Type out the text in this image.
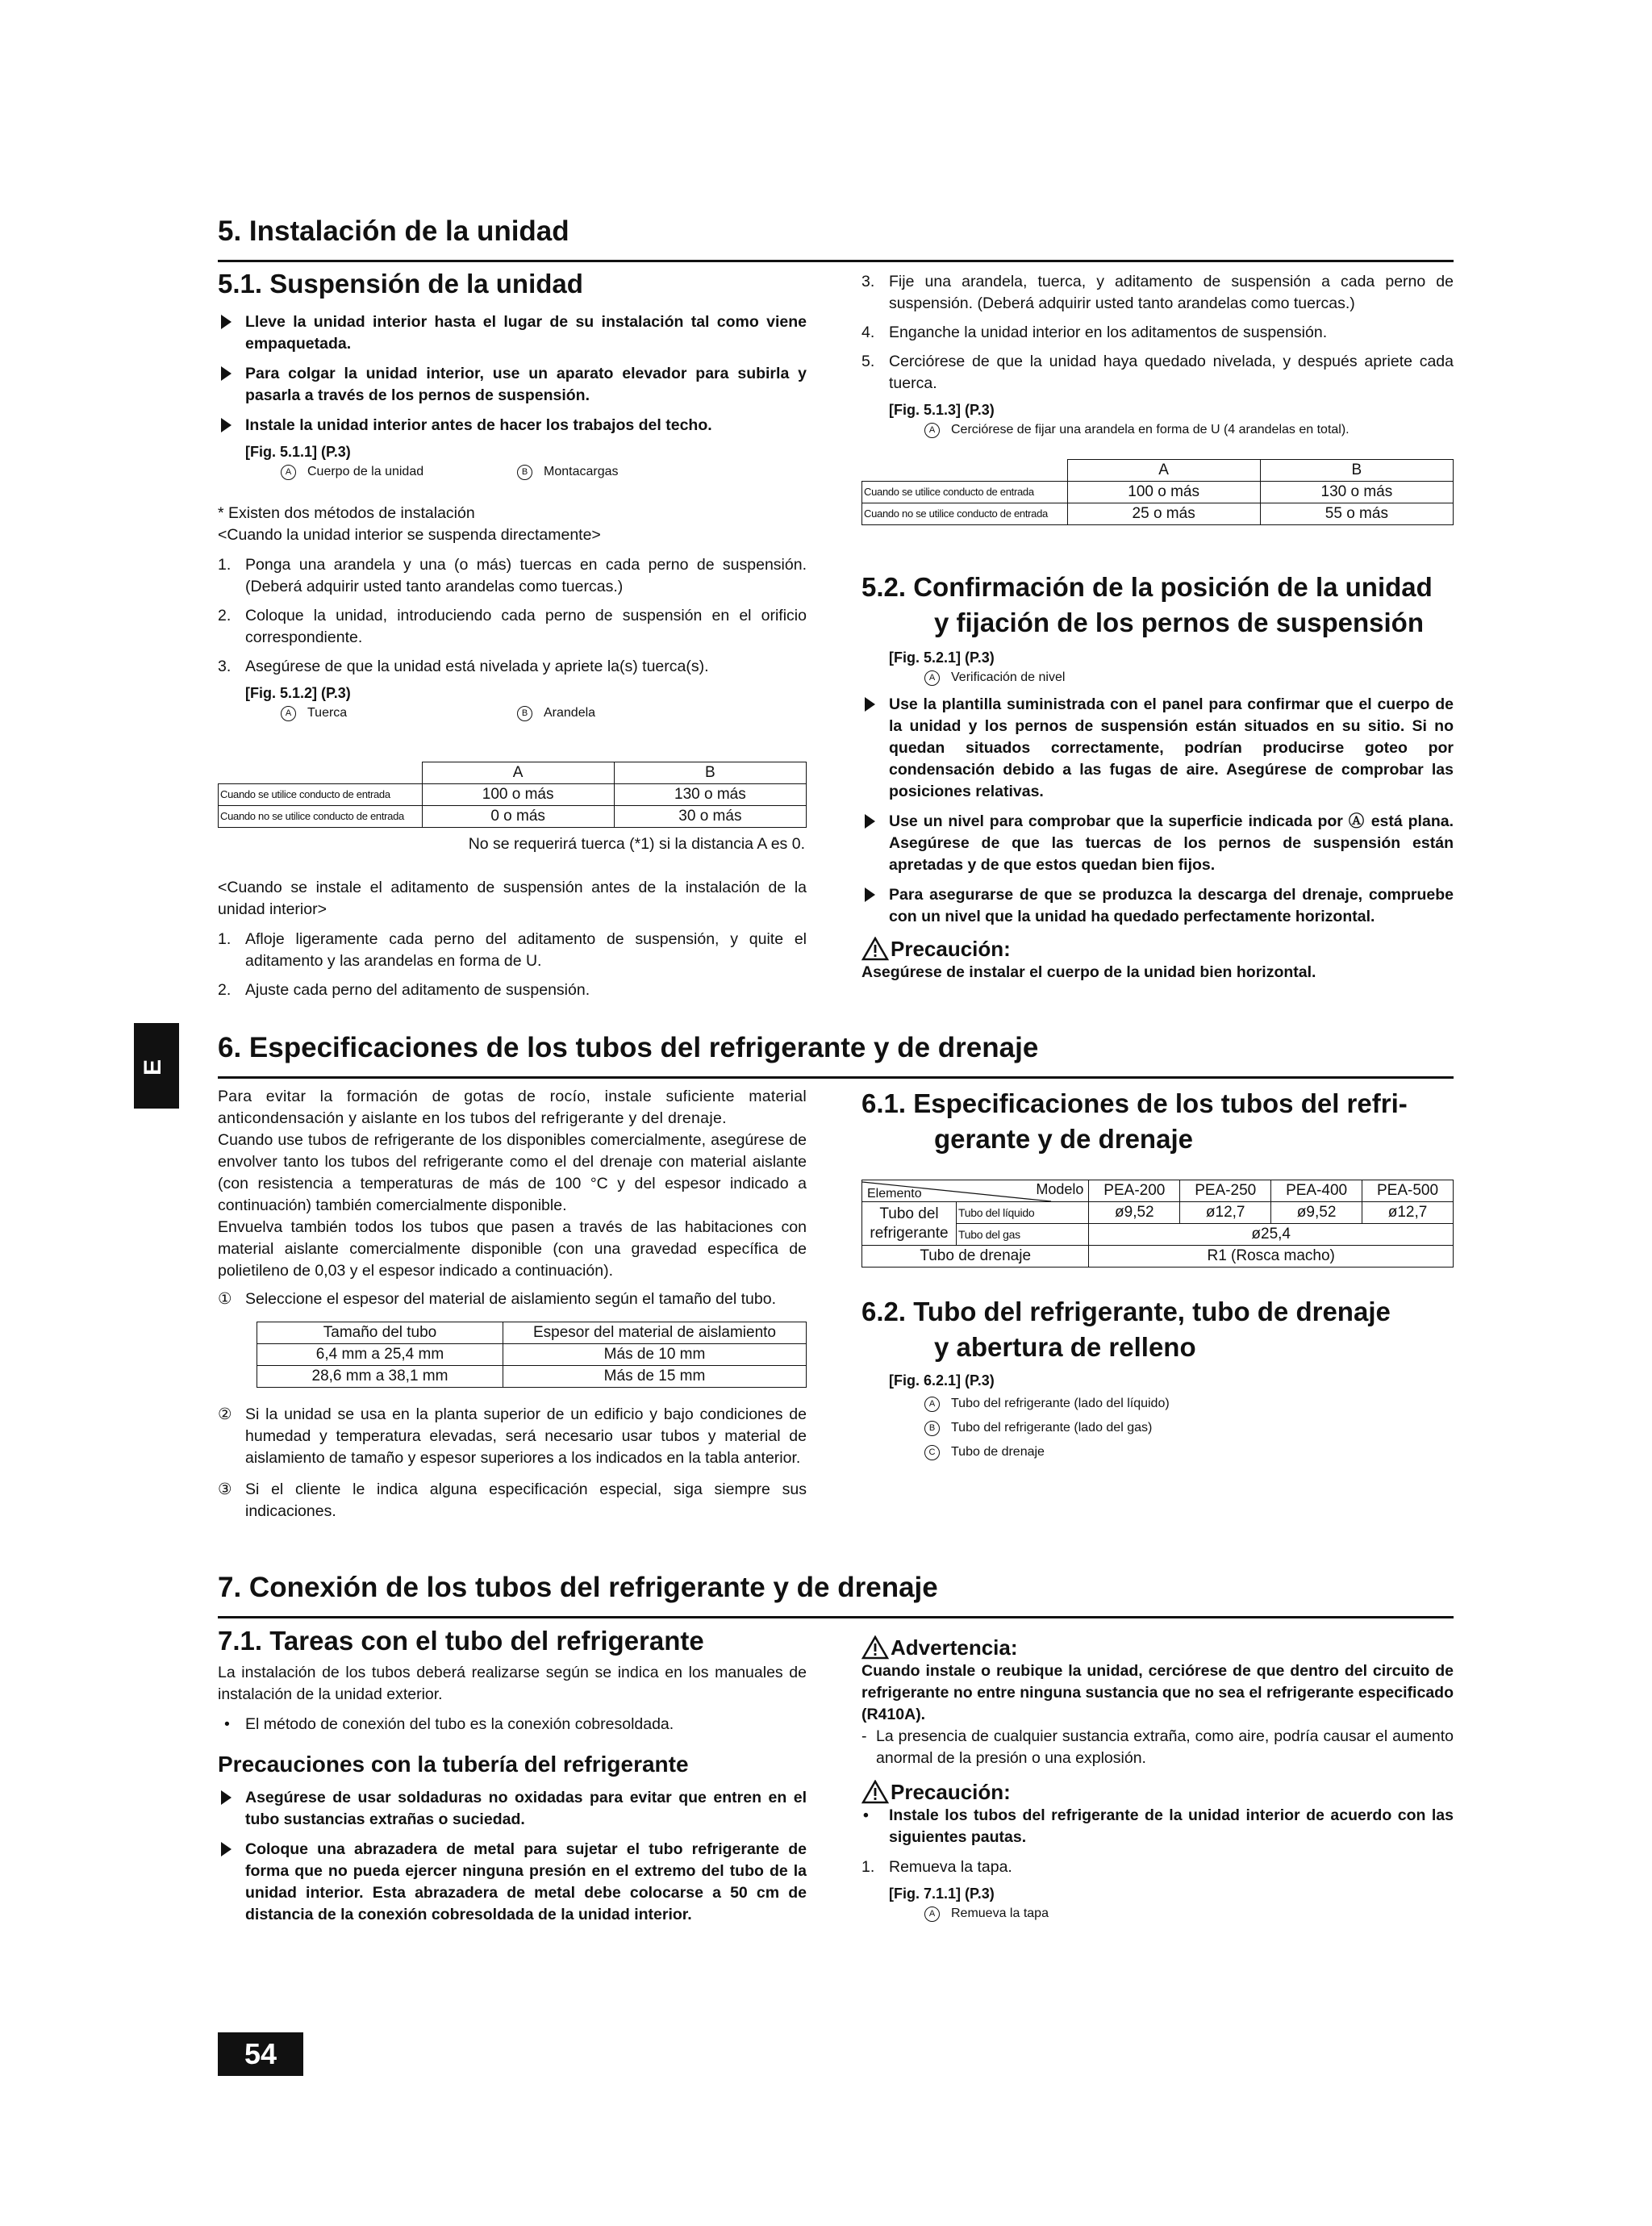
5. Instalación de la unidad
5.1. Suspensión de la unidad
Lleve la unidad interior hasta el lugar de su instalación tal como viene empaquetada.
Para colgar la unidad interior, use un aparato elevador para subirla y pasarla a través de los pernos de suspensión.
Instale la unidad interior antes de hacer los trabajos del techo.
[Fig. 5.1.1] (P.3)
A	Cuerpo de la unidad	B	Montacargas
* Existen dos métodos de instalación
<Cuando la unidad interior se suspenda directamente>
1. Ponga una arandela y una (o más) tuercas en cada perno de suspensión. (Deberá adquirir usted tanto arandelas como tuercas.)
2. Coloque la unidad, introduciendo cada perno de suspensión en el orificio correspondiente.
3. Asegúrese de que la unidad está nivelada y apriete la(s) tuerca(s).
[Fig. 5.1.2] (P.3)
A	Tuerca	B	Arandela
	A	B
Cuando se utilice conducto de entrada	100 o más	130 o más
Cuando no se utilice conducto de entrada	0 o más	30 o más
No se requerirá tuerca (*1) si la distancia A es 0.
<Cuando se instale el aditamento de suspensión antes de la instalación de la unidad interior>
1. Afloje ligeramente cada perno del aditamento de suspensión, y quite el aditamento y las arandelas en forma de U.
2. Ajuste cada perno del aditamento de suspensión.
3. Fije una arandela, tuerca, y aditamento de suspensión a cada perno de suspensión. (Deberá adquirir usted tanto arandelas como tuercas.)
4. Enganche la unidad interior en los aditamentos de suspensión.
5. Cerciórese de que la unidad haya quedado nivelada, y después apriete cada tuerca.
[Fig. 5.1.3] (P.3)
A	Cerciórese de fijar una arandela en forma de U (4 arandelas en total).
	A	B
Cuando se utilice conducto de entrada	100 o más	130 o más
Cuando no se utilice conducto de entrada	25 o más	55 o más
5.2. Confirmación de la posición de la unidad
y fijación de los pernos de suspensión
[Fig. 5.2.1] (P.3)
A	Verificación de nivel
Use la plantilla suministrada con el panel para confirmar que el cuerpo de la unidad y los pernos de suspensión están situados en su sitio. Si no quedan situados correctamente, podrían producirse goteo por condensación debido a las fugas de aire. Asegúrese de comprobar las posiciones relativas.
Use un nivel para comprobar que la superficie indicada por Ⓐ está plana. Asegúrese de que las tuercas de los pernos de suspensión están apretadas y de que estos quedan bien fijos.
Para asegurarse de que se produzca la descarga del drenaje, compruebe con un nivel que la unidad ha quedado perfectamente horizontal.
Precaución:
Asegúrese de instalar el cuerpo de la unidad bien horizontal.
E
6. Especificaciones de los tubos del refrigerante y de drenaje
Para evitar la formación de gotas de rocío, instale suficiente material anticondensación y aislante en los tubos del refrigerante y del drenaje.
Cuando use tubos de refrigerante de los disponibles comercialmente, asegúrese de envolver tanto los tubos del refrigerante como el del drenaje con material aislante (con resistencia a temperaturas de más de 100 °C y del espesor indicado a continuación) también comercialmente disponible.
Envuelva también todos los tubos que pasen a través de las habitaciones con material aislante comercialmente disponible (con una gravedad específica de polietileno de 0,03 y el espesor indicado a continuación).
① Seleccione el espesor del material de aislamiento según el tamaño del tubo.
Tamaño del tubo	Espesor del material de aislamiento
6,4 mm a 25,4 mm	Más de 10 mm
28,6 mm a 38,1 mm	Más de 15 mm
② Si la unidad se usa en la planta superior de un edificio y bajo condiciones de humedad y temperatura elevadas, será necesario usar tubos y material de aislamiento de tamaño y espesor superiores a los indicados en la tabla anterior.
③ Si el cliente le indica alguna especificación especial, siga siempre sus indicaciones.
6.1. Especificaciones de los tubos del refri-
gerante y de drenaje
Modelo
Elemento		PEA-200	PEA-250	PEA-400	PEA-500
Tubo del refrigerante	Tubo del líquido	ø9,52	ø12,7	ø9,52	ø12,7
	Tubo del gas	ø25,4			
Tubo de drenaje		R1 (Rosca macho)			
6.2. Tubo del refrigerante, tubo de drenaje
y abertura de relleno
[Fig. 6.2.1] (P.3)
A	Tubo del refrigerante (lado del líquido)
B	Tubo del refrigerante (lado del gas)
C	Tubo de drenaje
7. Conexión de los tubos del refrigerante y de drenaje
7.1. Tareas con el tubo del refrigerante
La instalación de los tubos deberá realizarse según se indica en los manuales de instalación de la unidad exterior.
• El método de conexión del tubo es la conexión cobresoldada.
Precauciones con la tubería del refrigerante
Asegúrese de usar soldaduras no oxidadas para evitar que entren en el tubo sustancias extrañas o suciedad.
Coloque una abrazadera de metal para sujetar el tubo refrigerante de forma que no pueda ejercer ninguna presión en el extremo del tubo de la unidad interior. Esta abrazadera de metal debe colocarse a 50 cm de distancia de la conexión cobresoldada de la unidad interior.
Advertencia:
Cuando instale o reubique la unidad, cerciórese de que dentro del circuito de refrigerante no entre ninguna sustancia que no sea el refrigerante especificado (R410A).
- La presencia de cualquier sustancia extraña, como aire, podría causar el aumento anormal de la presión o una explosión.
Precaución:
• Instale los tubos del refrigerante de la unidad interior de acuerdo con las siguientes pautas.
1. Remueva la tapa.
[Fig. 7.1.1] (P.3)
A	Remueva la tapa
54
